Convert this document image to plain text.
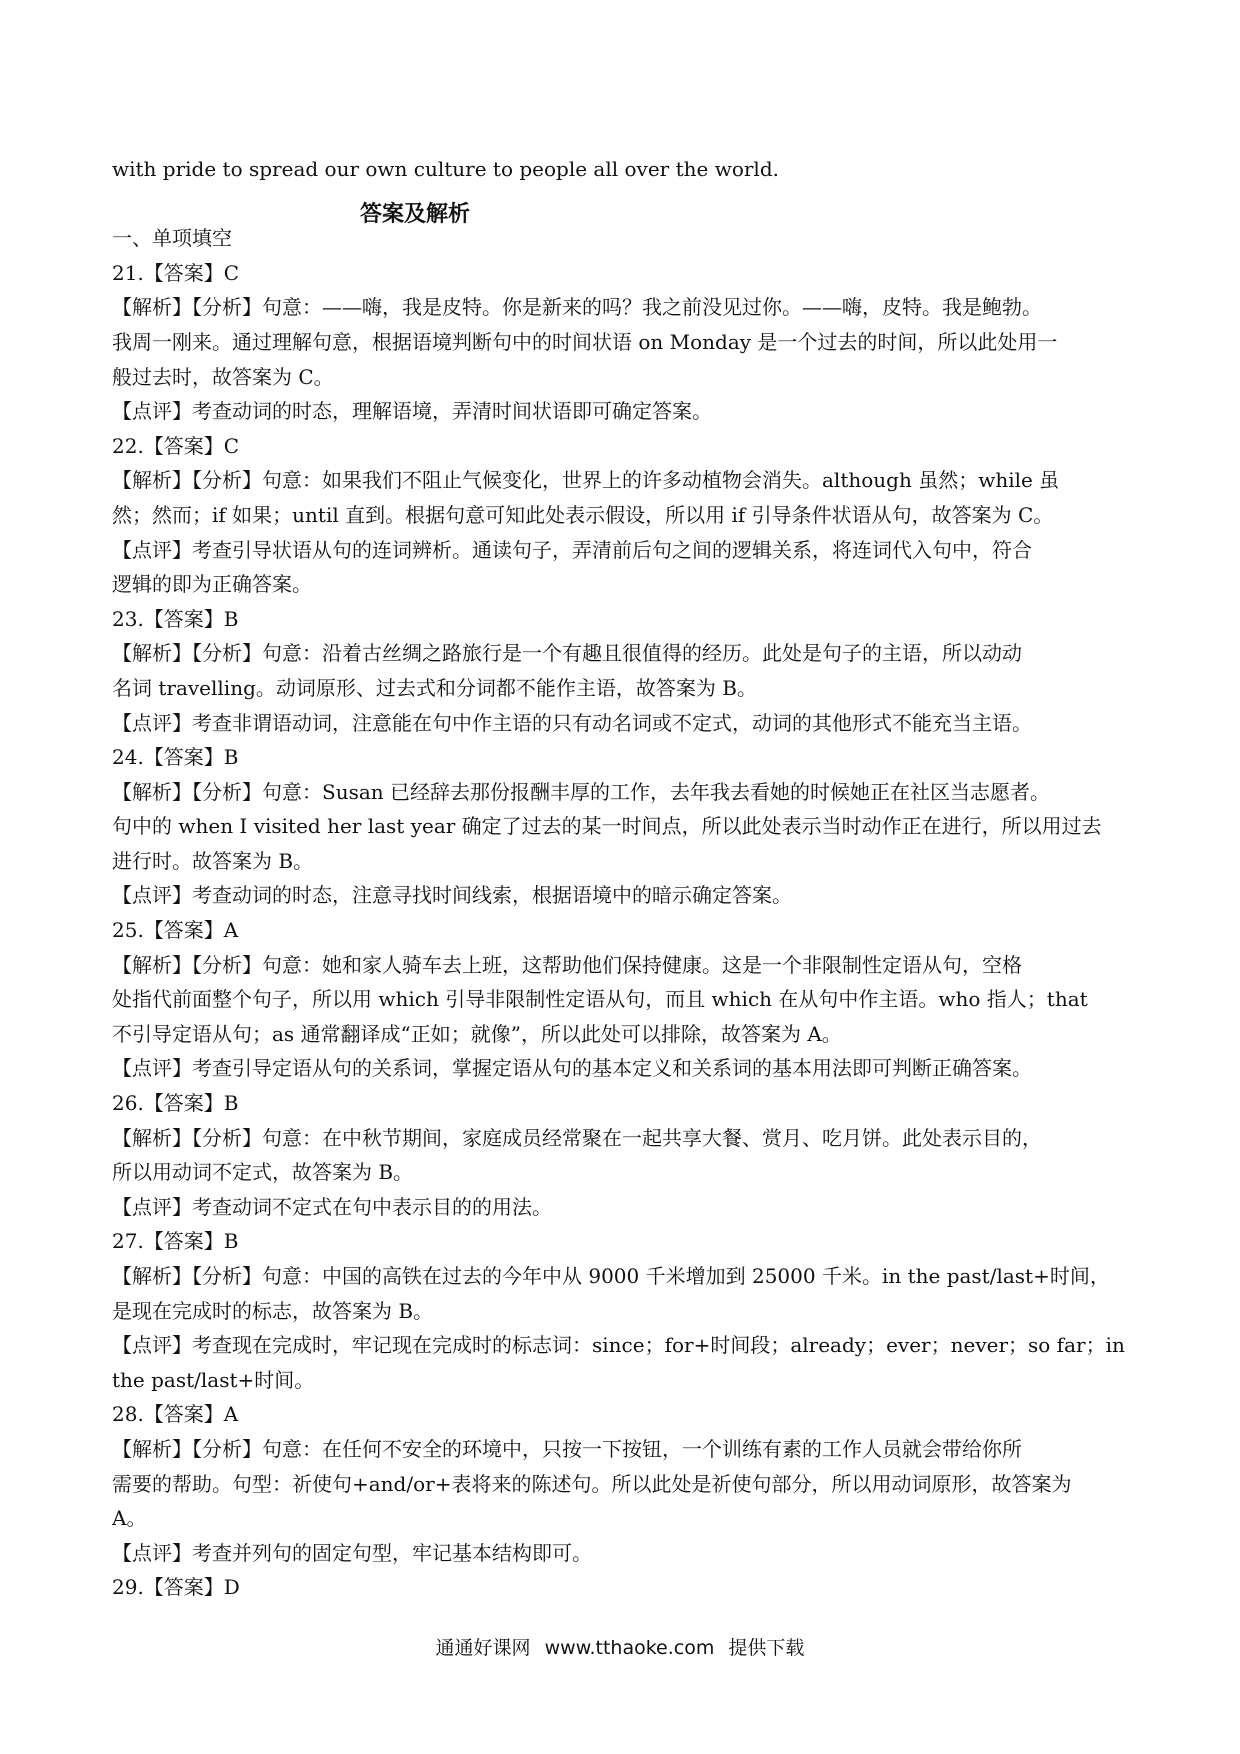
with pride to spread our own culture to people all over the world.

一、单项填空
21.【答案】C
【解析】【分析】句意：——嗨，我是皮特。你是新来的吗？我之前没见过你。——嗨，皮特。我是鲍勃。
我周一刚来。通过理解句意，根据语境判断句中的时间状语 on Monday 是一个过去的时间，所以此处用一
般过去时，故答案为 C。
【点评】考查动词的时态，理解语境，弄清时间状语即可确定答案。
22.【答案】C
【解析】【分析】句意：如果我们不阻止气候变化，世界上的许多动植物会消失。although 虽然；while 虽
然；然而；if 如果；until 直到。根据句意可知此处表示假设，所以用 if 引导条件状语从句，故答案为 C。
【点评】考查引导状语从句的连词辨析。通读句子，弄清前后句之间的逻辑关系，将连词代入句中，符合
逻辑的即为正确答案。
23.【答案】B
【解析】【分析】句意：沿着古丝绸之路旅行是一个有趣且很值得的经历。此处是句子的主语，所以动动
名词 travelling。动词原形、过去式和分词都不能作主语，故答案为 B。
【点评】考查非谓语动词，注意能在句中作主语的只有动名词或不定式，动词的其他形式不能充当主语。
24.【答案】B
【解析】【分析】句意：Susan 已经辞去那份报酬丰厚的工作，去年我去看她的时候她正在社区当志愿者。
句中的 when I visited her last year 确定了过去的某一时间点，所以此处表示当时动作正在进行，所以用过去
进行时。故答案为 B。
【点评】考查动词的时态，注意寻找时间线索，根据语境中的暗示确定答案。
25.【答案】A
【解析】【分析】句意：她和家人骑车去上班，这帮助他们保持健康。这是一个非限制性定语从句，空格
处指代前面整个句子，所以用 which 引导非限制性定语从句，而且 which 在从句中作主语。who 指人；that
不引导定语从句；as 通常翻译成“正如；就像”，所以此处可以排除，故答案为 A。
【点评】考查引导定语从句的关系词，掌握定语从句的基本定义和关系词的基本用法即可判断正确答案。
26.【答案】B
【解析】【分析】句意：在中秋节期间，家庭成员经常聚在一起共享大餐、赏月、吃月饼。此处表示目的，
所以用动词不定式，故答案为 B。
【点评】考查动词不定式在句中表示目的的用法。
27.【答案】B
【解析】【分析】句意：中国的高铁在过去的今年中从 9000 千米增加到 25000 千米。in the past/last+时间，
是现在完成时的标志，故答案为 B。
【点评】考查现在完成时，牢记现在完成时的标志词：since；for+时间段；already；ever；never；so far；in
the past/last+时间。
28.【答案】A
【解析】【分析】句意：在任何不安全的环境中，只按一下按钮，一个训练有素的工作人员就会带给你所
需要的帮助。句型：祈使句+and/or+表将来的陈述句。所以此处是祈使句部分，所以用动词原形，故答案为
A。
【点评】考查并列句的固定句型，牢记基本结构即可。
29.【答案】D
答案及解析
通通好课网 www.tthaoke.com 提供下载
